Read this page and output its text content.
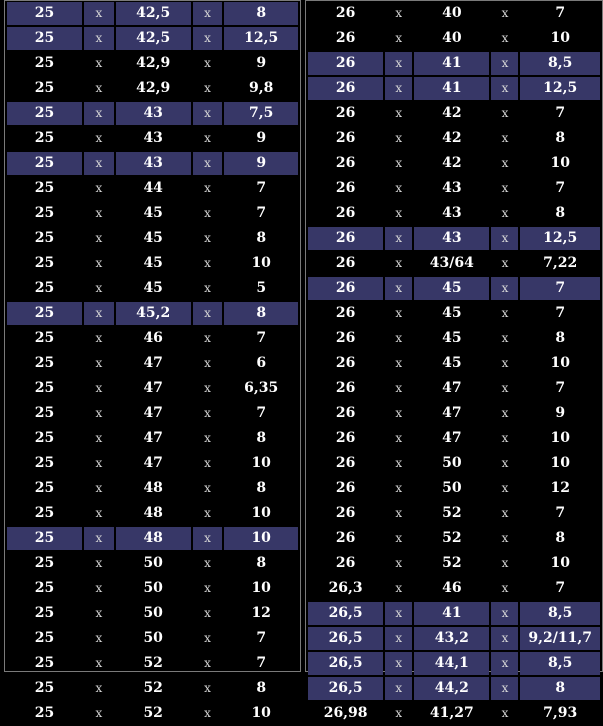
25	x	42,5	x	8
25	x	42,5	x	12,5
25	x	42,9	x	9
25	x	42,9	x	9,8
25	x	43	x	7,5
25	x	43	x	9
25	x	43	x	9
25	x	44	x	7
25	x	45	x	7
25	x	45	x	8
25	x	45	x	10
25	x	45	x	5
25	x	45,2	x	8
25	x	46	x	7
25	x	47	x	6
25	x	47	x	6,35
25	x	47	x	7
25	x	47	x	8
25	x	47	x	10
25	x	48	x	8
25	x	48	x	10
25	x	48	x	10
25	x	50	x	8
25	x	50	x	10
25	x	50	x	12
25	x	50	x	7
25	x	52	x	7
25	x	52	x	8
25	x	52	x	10
26	x	40	x	7
26	x	40	x	10
26	x	41	x	8,5
26	x	41	x	12,5
26	x	42	x	7
26	x	42	x	8
26	x	42	x	10
26	x	43	x	7
26	x	43	x	8
26	x	43	x	12,5
26	x	43/64	x	7,22
26	x	45	x	7
26	x	45	x	7
26	x	45	x	8
26	x	45	x	10
26	x	47	x	7
26	x	47	x	9
26	x	47	x	10
26	x	50	x	10
26	x	50	x	12
26	x	52	x	7
26	x	52	x	8
26	x	52	x	10
26,3	x	46	x	7
26,5	x	41	x	8,5
26,5	x	43,2	x	9,2/11,7
26,5	x	44,1	x	8,5
26,5	x	44,2	x	8
26,98	x	41,27	x	7,93
